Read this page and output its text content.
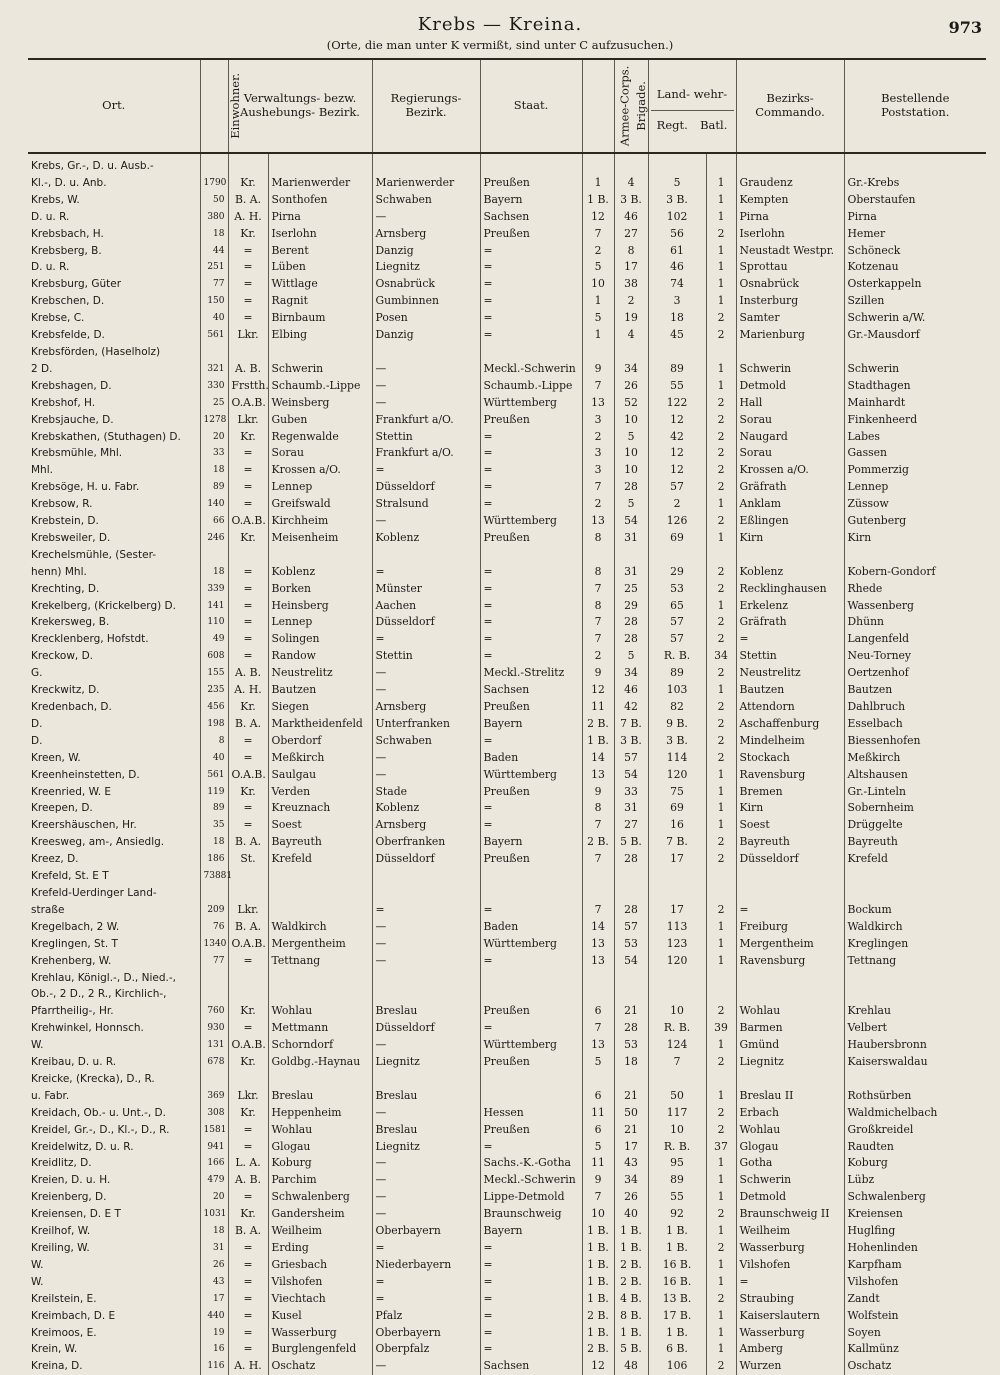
Krebs — Kreina.
(Orte, die man unter K vermißt, sind unter C aufzusuchen.)
973
Ort.	Einwohner.	Verwaltungs- bezw. Aushebungs- Bezirk.		Regierungs- Bezirk.	Staat.	Armee-Corps.	Brigade.	Land- wehr-
Regt. Batl.		Bezirks- Commando.	Bestellende Poststation.
Krebs, Gr.-, D. u. Ausb.-											
Kl.-, D. u. Anb.	1790	Kr.	Marienwerder	Marienwerder	Preußen	1	4	5	1	Graudenz	Gr.-Krebs
Krebs, W.	50	B. A.	Sonthofen	Schwaben	Bayern	1 B.	3 B.	3 B.	1	Kempten	Oberstaufen
D. u. R.	380	A. H.	Pirna	—	Sachsen	12	46	102	1	Pirna	Pirna
Krebsbach, H.	18	Kr.	Iserlohn	Arnsberg	Preußen	7	27	56	2	Iserlohn	Hemer
Krebsberg, B.	44	=	Berent	Danzig	=	2	8	61	1	Neustadt Westpr.	Schöneck
D. u. R.	251	=	Lüben	Liegnitz	=	5	17	46	1	Sprottau	Kotzenau
Krebsburg, Güter	77	=	Wittlage	Osnabrück	=	10	38	74	1	Osnabrück	Osterkappeln
Krebschen, D.	150	=	Ragnit	Gumbinnen	=	1	2	3	1	Insterburg	Szillen
Krebse, C.	40	=	Birnbaum	Posen	=	5	19	18	2	Samter	Schwerin a/W.
Krebsfelde, D.	561	Lkr.	Elbing	Danzig	=	1	4	45	2	Marienburg	Gr.-Mausdorf
Krebsförden, (Haselholz)											
2 D.	321	A. B.	Schwerin	—	Meckl.-Schwerin	9	34	89	1	Schwerin	Schwerin
Krebshagen, D.	330	Frstth.	Schaumb.-Lippe	—	Schaumb.-Lippe	7	26	55	1	Detmold	Stadthagen
Krebshof, H.	25	O.A.B.	Weinsberg	—	Württemberg	13	52	122	2	Hall	Mainhardt
Krebsjauche, D.	1278	Lkr.	Guben	Frankfurt a/O.	Preußen	3	10	12	2	Sorau	Finkenheerd
Krebskathen, (Stuthagen) D.	20	Kr.	Regenwalde	Stettin	=	2	5	42	2	Naugard	Labes
Krebsmühle, Mhl.	33	=	Sorau	Frankfurt a/O.	=	3	10	12	2	Sorau	Gassen
Mhl.	18	=	Krossen a/O.	=	=	3	10	12	2	Krossen a/O.	Pommerzig
Krebsöge, H. u. Fabr.	89	=	Lennep	Düsseldorf	=	7	28	57	2	Gräfrath	Lennep
Krebsow, R.	140	=	Greifswald	Stralsund	=	2	5	2	1	Anklam	Züssow
Krebstein, D.	66	O.A.B.	Kirchheim	—	Württemberg	13	54	126	2	Eßlingen	Gutenberg
Krebsweiler, D.	246	Kr.	Meisenheim	Koblenz	Preußen	8	31	69	1	Kirn	Kirn
Krechelsmühle, (Sester-											
henn) Mhl.	18	=	Koblenz	=	=	8	31	29	2	Koblenz	Kobern-Gondorf
Krechting, D.	339	=	Borken	Münster	=	7	25	53	2	Recklinghausen	Rhede
Krekelberg, (Krickelberg) D.	141	=	Heinsberg	Aachen	=	8	29	65	1	Erkelenz	Wassenberg
Krekersweg, B.	110	=	Lennep	Düsseldorf	=	7	28	57	2	Gräfrath	Dhünn
Krecklenberg, Hofstdt.	49	=	Solingen	=	=	7	28	57	2	=	Langenfeld
Kreckow, D.	608	=	Randow	Stettin	=	2	5	R. B.	34	Stettin	Neu-Torney
G.	155	A. B.	Neustrelitz	—	Meckl.-Strelitz	9	34	89	2	Neustrelitz	Oertzenhof
Kreckwitz, D.	235	A. H.	Bautzen	—	Sachsen	12	46	103	1	Bautzen	Bautzen
Kredenbach, D.	456	Kr.	Siegen	Arnsberg	Preußen	11	42	82	2	Attendorn	Dahlbruch
D.	198	B. A.	Marktheidenfeld	Unterfranken	Bayern	2 B.	7 B.	9 B.	2	Aschaffenburg	Esselbach
D.	8	=	Oberdorf	Schwaben	=	1 B.	3 B.	3 B.	2	Mindelheim	Biessenhofen
Kreen, W.	40	=	Meßkirch	—	Baden	14	57	114	2	Stockach	Meßkirch
Kreenheinstetten, D.	561	O.A.B.	Saulgau	—	Württemberg	13	54	120	1	Ravensburg	Altshausen
Kreenried, W. E	119	Kr.	Verden	Stade	Preußen	9	33	75	1	Bremen	Gr.-Linteln
Kreepen, D.	89	=	Kreuznach	Koblenz	=	8	31	69	1	Kirn	Sobernheim
Kreershäuschen, Hr.	35	=	Soest	Arnsberg	=	7	27	16	1	Soest	Drüggelte
Kreesweg, am-, Ansiedlg.	18	B. A.	Bayreuth	Oberfranken	Bayern	2 B.	5 B.	7 B.	2	Bayreuth	Bayreuth
Kreez, D.	186	St.	Krefeld	Düsseldorf	Preußen	7	28	17	2	Düsseldorf	Krefeld
Krefeld, St. E T	73881										
Krefeld-Uerdinger Land-											
straße	209	Lkr.		=	=	7	28	17	2	=	Bockum
Kregelbach, 2 W.	76	B. A.	Waldkirch	—	Baden	14	57	113	1	Freiburg	Waldkirch
Kreglingen, St. T	1340	O.A.B.	Mergentheim	—	Württemberg	13	53	123	1	Mergentheim	Kreglingen
Krehenberg, W.	77	=	Tettnang	—	=	13	54	120	1	Ravensburg	Tettnang
Krehlau, Königl.-, D., Nied.-,											
Ob.-, 2 D., 2 R., Kirchlich-,											
Pfarrtheilig-, Hr.	760	Kr.	Wohlau	Breslau	Preußen	6	21	10	2	Wohlau	Krehlau
Krehwinkel, Honnsch.	930	=	Mettmann	Düsseldorf	=	7	28	R. B.	39	Barmen	Velbert
W.	131	O.A.B.	Schorndorf	—	Württemberg	13	53	124	1	Gmünd	Haubersbronn
Kreibau, D. u. R.	678	Kr.	Goldbg.-Haynau	Liegnitz	Preußen	5	18	7	2	Liegnitz	Kaiserswaldau
Kreicke, (Krecka), D., R.											
u. Fabr.	369	Lkr.	Breslau	Breslau		6	21	50	1	Breslau II	Rothsürben
Kreidach, Ob.- u. Unt.-, D.	308	Kr.	Heppenheim	—	Hessen	11	50	117	2	Erbach	Waldmichelbach
Kreidel, Gr.-, D., Kl.-, D., R.	1581	=	Wohlau	Breslau	Preußen	6	21	10	2	Wohlau	Großkreidel
Kreidelwitz, D. u. R.	941	=	Glogau	Liegnitz	=	5	17	R. B.	37	Glogau	Raudten
Kreidlitz, D.	166	L. A.	Koburg	—	Sachs.-K.-Gotha	11	43	95	1	Gotha	Koburg
Kreien, D. u. H.	479	A. B.	Parchim	—	Meckl.-Schwerin	9	34	89	1	Schwerin	Lübz
Kreienberg, D.	20	=	Schwalenberg	—	Lippe-Detmold	7	26	55	1	Detmold	Schwalenberg
Kreiensen, D. E T	1031	Kr.	Gandersheim	—	Braunschweig	10	40	92	2	Braunschweig II	Kreiensen
Kreilhof, W.	18	B. A.	Weilheim	Oberbayern	Bayern	1 B.	1 B.	1 B.	1	Weilheim	Huglfing
Kreiling, W.	31	=	Erding	=	=	1 B.	1 B.	1 B.	2	Wasserburg	Hohenlinden
W.	26	=	Griesbach	Niederbayern	=	1 B.	2 B.	16 B.	1	Vilshofen	Karpfham
W.	43	=	Vilshofen	=	=	1 B.	2 B.	16 B.	1	=	Vilshofen
Kreilstein, E.	17	=	Viechtach	=	=	1 B.	4 B.	13 B.	2	Straubing	Zandt
Kreimbach, D. E	440	=	Kusel	Pfalz	=	2 B.	8 B.	17 B.	1	Kaiserslautern	Wolfstein
Kreimoos, E.	19	=	Wasserburg	Oberbayern	=	1 B.	1 B.	1 B.	1	Wasserburg	Soyen
Krein, W.	16	=	Burglengenfeld	Oberpfalz	=	2 B.	5 B.	6 B.	1	Amberg	Kallmünz
Kreina, D.	116	A. H.	Oschatz	—	Sachsen	12	48	106	2	Wurzen	Oschatz
